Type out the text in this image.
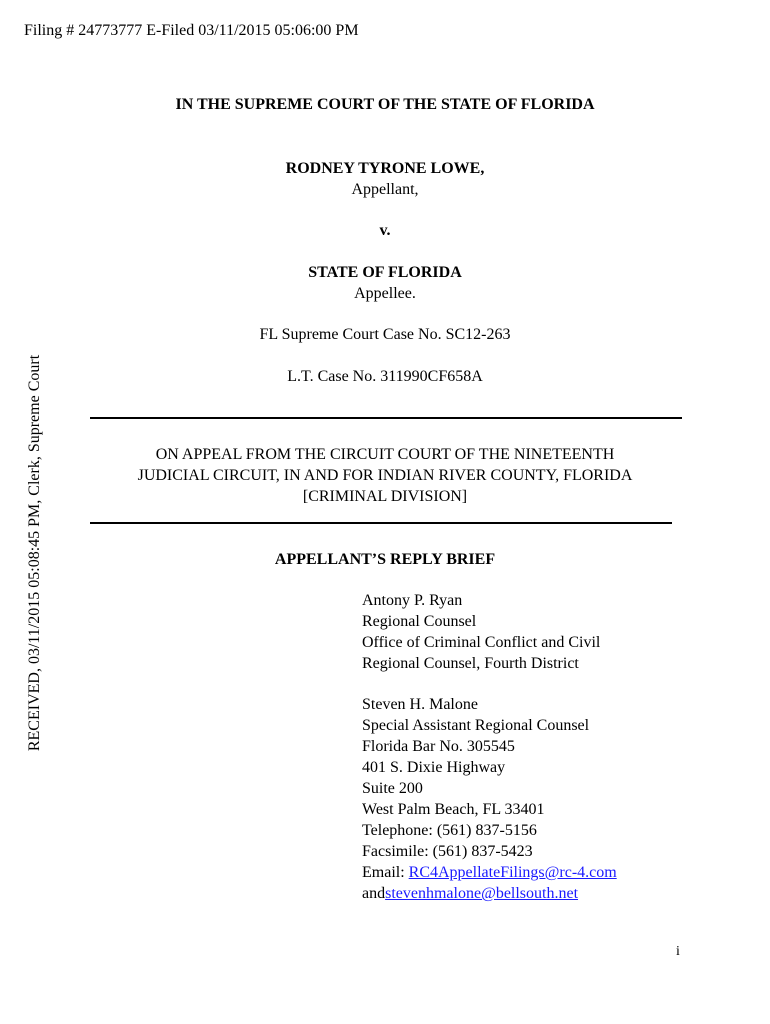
Filing # 24773777 E-Filed 03/11/2015 05:06:00 PM
RECEIVED, 03/11/2015 05:08:45 PM, Clerk, Supreme Court
IN THE SUPREME COURT OF THE STATE OF FLORIDA
RODNEY TYRONE LOWE,
Appellant,
v.
STATE OF FLORIDA
Appellee.
FL Supreme Court Case No. SC12-263
L.T. Case No. 311990CF658A
ON APPEAL FROM THE CIRCUIT COURT OF THE NINETEENTH
JUDICIAL CIRCUIT, IN AND FOR INDIAN RIVER COUNTY, FLORIDA
[CRIMINAL DIVISION]
APPELLANT’S REPLY BRIEF
Antony P. Ryan
Regional Counsel
Office of Criminal Conflict and Civil
Regional Counsel, Fourth District
Steven H. Malone
Special Assistant Regional Counsel
Florida Bar No. 305545
401 S. Dixie Highway
Suite 200
West Palm Beach, FL 33401
Telephone: (561) 837-5156
Facsimile: (561) 837-5423
Email: RC4AppellateFilings@rc-4.com
andstevenhmalone@bellsouth.net
i
